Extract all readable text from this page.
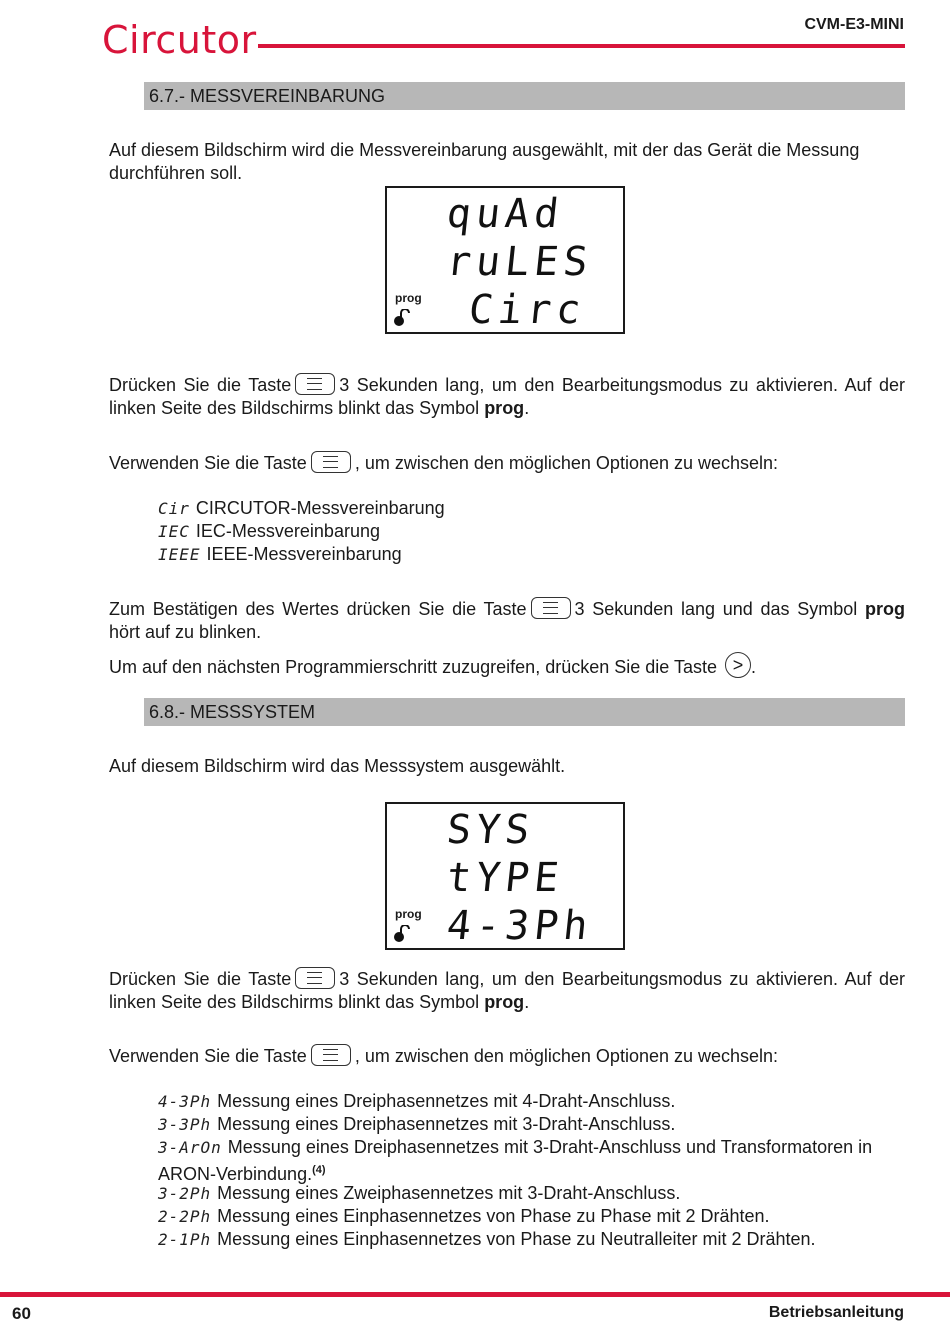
Circutor	CVM-E3-MINI
6.7.- MESSVEREINBARUNG
Auf diesem Bildschirm wird die Messvereinbarung ausgewählt, mit der das Gerät die Messung durchführen soll.
quAd
ruLES
Circ
prog
Drücken Sie die Taste	3 Sekunden lang, um den Bearbeitungsmodus zu aktivieren. Auf der linken Seite des Bildschirms blinkt das Symbol prog.
Verwenden Sie die Taste	, um zwischen den möglichen Optionen zu wechseln:
Cir CIRCUTOR-Messvereinbarung
IEC IEC-Messvereinbarung
IEEE IEEE-Messvereinbarung
Zum Bestätigen des Wertes drücken Sie die Taste	3 Sekunden lang und das Symbol prog hört auf zu blinken.
Um auf den nächsten Programmierschritt zuzugreifen, drücken Sie die Taste > .
6.8.- MESSSYSTEM
Auf diesem Bildschirm wird das Messsystem ausgewählt.
SYS
tYPE
4-3Ph
prog
Drücken Sie die Taste	3 Sekunden lang, um den Bearbeitungsmodus zu aktivieren. Auf der linken Seite des Bildschirms blinkt das Symbol prog.
Verwenden Sie die Taste	, um zwischen den möglichen Optionen zu wechseln:
4-3Ph Messung eines Dreiphasennetzes mit 4-Draht-Anschluss.
3-3Ph Messung eines Dreiphasennetzes mit 3-Draht-Anschluss.
3-ArOn Messung eines Dreiphasennetzes mit 3-Draht-Anschluss und Transformatoren in ARON-Verbindung.$^{(4)}$
3-2Ph Messung eines Zweiphasennetzes mit 3-Draht-Anschluss.
2-2Ph Messung eines Einphasennetzes von Phase zu Phase mit 2 Drähten.
2-1Ph Messung eines Einphasennetzes von Phase zu Neutralleiter mit 2 Drähten.
60	Betriebsanleitung
